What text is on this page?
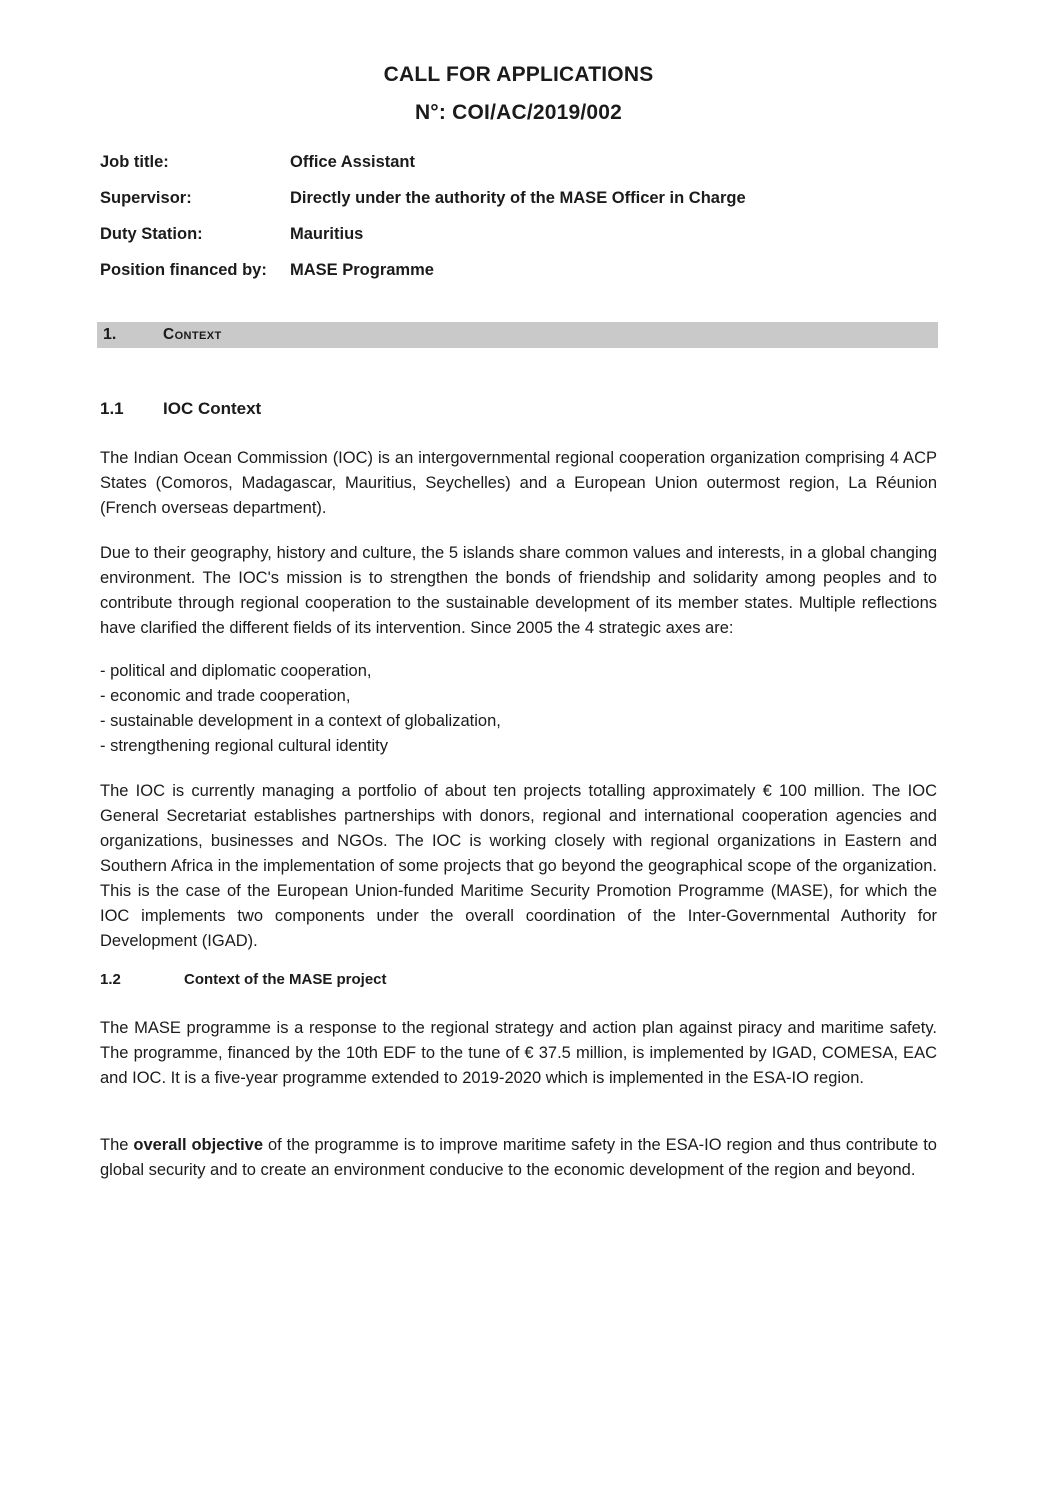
CALL FOR APPLICATIONS
N°: COI/AC/2019/002
Job title:	Office Assistant
Supervisor:	Directly under the authority of the MASE Officer in Charge
Duty Station:	Mauritius
Position financed by:	MASE Programme
1.	Context
1.1	IOC Context

The Indian Ocean Commission (IOC) is an intergovernmental regional cooperation organization comprising 4 ACP States (Comoros, Madagascar, Mauritius, Seychelles) and a European Union outermost region, La Réunion (French overseas department).

Due to their geography, history and culture, the 5 islands share common values and interests, in a global changing environment. The IOC's mission is to strengthen the bonds of friendship and solidarity among peoples and to contribute through regional cooperation to the sustainable development of its member states. Multiple reflections have clarified the different fields of its intervention. Since 2005 the 4 strategic axes are:

- political and diplomatic cooperation,
- economic and trade cooperation,
- sustainable development in a context of globalization,
- strengthening regional cultural identity

The IOC is currently managing a portfolio of about ten projects totalling approximately € 100 million. The IOC General Secretariat establishes partnerships with donors, regional and international cooperation agencies and organizations, businesses and NGOs. The IOC is working closely with regional organizations in Eastern and Southern Africa in the implementation of some projects that go beyond the geographical scope of the organization. This is the case of the European Union-funded Maritime Security Promotion Programme (MASE), for which the IOC implements two components under the overall coordination of the Inter-Governmental Authority for Development (IGAD).

1.2	Context of the MASE project

The MASE programme is a response to the regional strategy and action plan against piracy and maritime safety. The programme, financed by the 10th EDF to the tune of € 37.5 million, is implemented by IGAD, COMESA, EAC and IOC. It is a five-year programme extended to 2019-2020 which is implemented in the ESA-IO region.

The overall objective of the programme is to improve maritime safety in the ESA-IO region and thus contribute to global security and to create an environment conducive to the economic development of the region and beyond.
